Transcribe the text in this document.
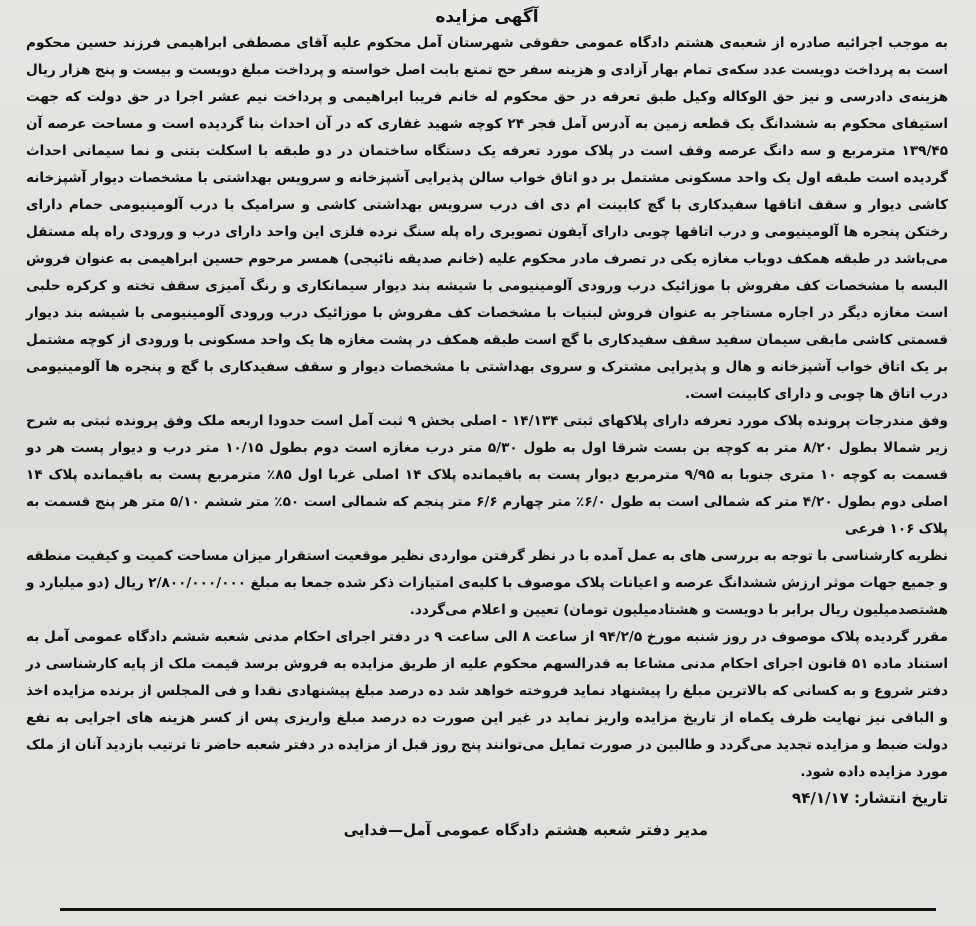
آگهی مزایده

به موجب اجرائیه صادره از شعبه‌ی هشتم دادگاه عمومی حقوقی شهرستان آمل محکوم علیه آقای مصطفی ابراهیمی فرزند حسین محکوم است به پرداخت دویست عدد سکه‌ی تمام بهار آزادی و هزینه سفر حج تمتع بابت اصل خواسته و پرداخت مبلغ دویست و بیست و پنج هزار ریال هزینه‌ی دادرسی و نیز حق الوکاله وکیل طبق تعرفه در حق محکوم له خانم فریبا ابراهیمی و پرداخت نیم عشر اجرا در حق دولت که جهت استیفای محکوم به ششدانگ یک قطعه زمین به آدرس آمل فجر ۲۴ کوچه شهید غفاری که در آن احداث بنا گردیده است و مساحت عرصه آن ۱۳۹/۴۵ مترمربع و سه دانگ عرصه وقف است در پلاک مورد تعرفه یک دستگاه ساختمان در دو طبقه با اسکلت بتنی و نما سیمانی احداث گردیده است طبقه اول یک واحد مسکونی مشتمل بر دو اتاق خواب سالن پذیرایی آشپزخانه و سرویس بهداشتی با مشخصات دیوار آشپزخانه کاشی دیوار و سقف اتاقها سفیدکاری با گچ کابینت ام دی اف درب سرویس بهداشتی کاشی و سرامیک با درب آلومینیومی حمام دارای رختکن پنجره ها آلومینیومی و درب اتاقها چوبی دارای آیفون تصویری راه پله سنگ نرده فلزی این واحد دارای درب و ورودی راه پله مستقل می‌باشد در طبقه همکف دوباب مغازه یکی در تصرف مادر محکوم علیه (خانم صدیقه نائیجی) همسر مرحوم حسین ابراهیمی به عنوان فروش البسه با مشخصات کف مفروش با موزائیک درب ورودی آلومینیومی با شیشه بند دیوار سیمانکاری و رنگ آمیزی سقف تخته و کرکره حلبی است مغازه دیگر در اجاره مستاجر به عنوان فروش لبنیات با مشخصات کف مفروش با موزائیک درب ورودی آلومینیومی با شیشه بند دیوار قسمتی کاشی مابقی سیمان سفید سقف سفیدکاری با گچ است طبقه همکف در پشت مغازه ها یک واحد مسکونی با ورودی از کوچه مشتمل بر یک اتاق خواب آشپزخانه و هال و پذیرایی مشترک و سروی بهداشتی با مشخصات دیوار و سقف سفیدکاری با گچ و پنجره ها آلومینیومی درب اتاق ها چوبی و دارای کابینت است.

وفق مندرجات پرونده پلاک مورد تعرفه دارای پلاکهای ثبتی ۱۴/۱۳۴ - اصلی بخش ۹ ثبت آمل است حدودا اربعه ملک وفق پرونده ثبتی به شرح زیر شمالا بطول ۸/۲۰ متر به کوچه بن بست شرقا اول به طول ۵/۳۰ متر درب مغازه است دوم بطول ۱۰/۱۵ متر درب و دیوار پست هر دو قسمت به کوچه ۱۰ متری جنوبا به ۹/۹۵ مترمربع دیوار پست به باقیمانده پلاک ۱۴ اصلی غربا اول ۸۵٪ مترمربع پست به باقیمانده پلاک ۱۴ اصلی دوم بطول ۴/۲۰ متر که شمالی است به طول ۶/۰٪ متر چهارم ۶/۶ متر پنجم که شمالی است ۵۰٪ متر ششم ۵/۱۰ متر هر پنج قسمت به پلاک ۱۰۶ فرعی

نظریه کارشناسی با توجه به بررسی های به عمل آمده با در نظر گرفتن مواردی نظیر موقعیت استقرار میزان مساحت کمیت و کیفیت منطقه و جمیع جهات موثر ارزش ششدانگ عرصه و اعیانات پلاک موصوف با کلیه‌ی امتیازات ذکر شده جمعا به مبلغ ۲/۸۰۰/۰۰۰/۰۰۰ ریال (دو میلیارد و هشتصدمیلیون ریال برابر با دویست و هشتادمیلیون تومان) تعیین و اعلام می‌گردد.

مقرر گردیده پلاک موصوف در روز شنبه مورخ ۹۴/۲/۵ از ساعت ۸ الی ساعت ۹ در دفتر اجرای احکام مدنی شعبه ششم دادگاه عمومی آمل به استناد ماده ۵۱ قانون اجرای احکام مدنی مشاعا به قدرالسهم محکوم علیه از طریق مزایده به فروش برسد قیمت ملک از پایه کارشناسی در دفتر شروع و به کسانی که بالاترین مبلغ را پیشنهاد نماید فروخته خواهد شد ده درصد مبلغ پیشنهادی نقدا و فی المجلس از برنده مزایده اخذ و الباقی نیز نهایت ظرف یکماه از تاریخ مزایده واریز نماید در غیر این صورت ده درصد مبلغ واریزی پس از کسر هزینه های اجرایی به نفع دولت ضبط و مزایده تجدید می‌گردد و طالبین در صورت تمایل می‌توانند پنج روز قبل از مزایده در دفتر شعبه حاضر تا ترتیب بازدید آنان از ملک مورد مزایده داده شود.

تاریخ انتشار: ۹۴/۱/۱۷
مدیر دفتر شعبه هشتم دادگاه عمومی آمل—فدایی
